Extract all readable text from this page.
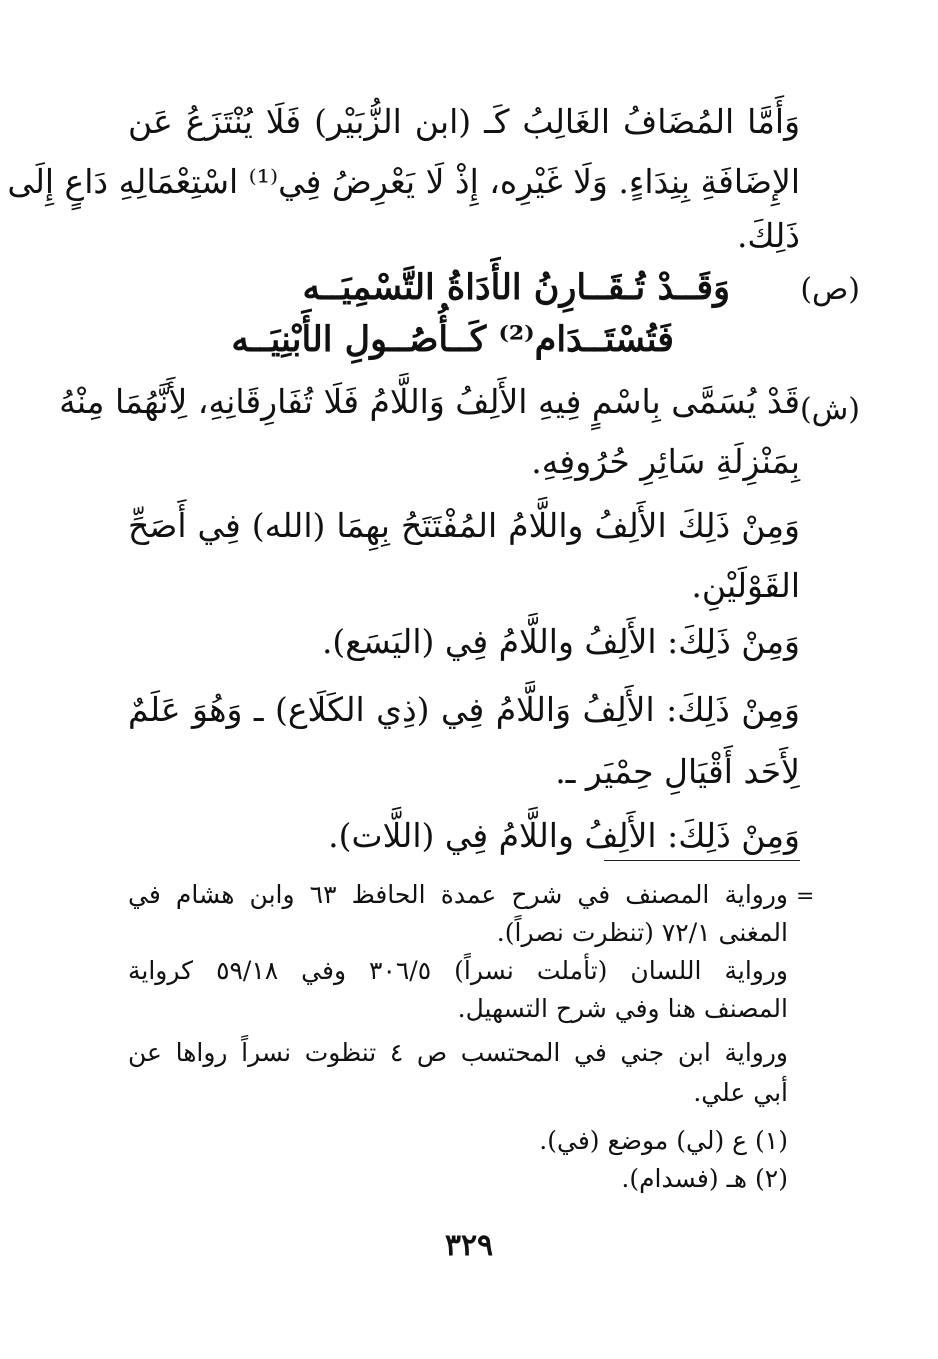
وَأَمَّا المُضَافُ الغَالِبُ كَـ (ابن الزُّبَيْر) فَلَا يُنْتَزَعُ عَن
الإِضَافَةِ بِنِدَاءٍ. وَلَا غَيْرِه، إِذْ لَا يَعْرِضُ فِي⁽¹⁾ اسْتِعْمَالِهِ دَاعٍ إِلَى
ذَلِكَ.
(ص)
وَقَــدْ تُـقَــارِنُ الأَدَاةُ التَّسْمِيَــه
فَتُسْتَــدَام⁽²⁾ كَــأُصُــولِ الأَبْنِيَــه
(ش)
قَدْ يُسَمَّى بِاسْمٍ فِيهِ الأَلِفُ وَاللَّامُ فَلَا تُفَارِقَانِهِ، لِأَنَّهُمَا مِنْهُ
بِمَنْزِلَةِ سَائِرِ حُرُوفِهِ.
وَمِنْ ذَلِكَ الأَلِفُ واللَّامُ المُفْتَتَحُ بِهِمَا (الله) فِي أَصَحِّ
القَوْلَيْنِ.
وَمِنْ ذَلِكَ: الأَلِفُ واللَّامُ فِي (اليَسَع).
وَمِنْ ذَلِكَ: الأَلِفُ وَاللَّامُ فِي (ذِي الكَلَاع) ـ وَهُوَ عَلَمٌ
لِأَحَد أَقْيَالِ حِمْيَر ـ.
وَمِنْ ذَلِكَ: الأَلِفُ واللَّامُ فِي (اللَّات).
=
ورواية المصنف في شرح عمدة الحافظ ٦٣ وابن هشام في
المغنى ٧٢/١ (تنظرت نصراً).
ورواية اللسان (تأملت نسراً) ٣٠٦/٥ وفي ٥٩/١٨ كرواية
المصنف هنا وفي شرح التسهيل.
ورواية ابن جني في المحتسب ص ٤ تنظوت نسراً رواها عن
أبي علي.
(١) ع (لي) موضع (في).
(٢) هـ (فسدام).
٣٢٩
